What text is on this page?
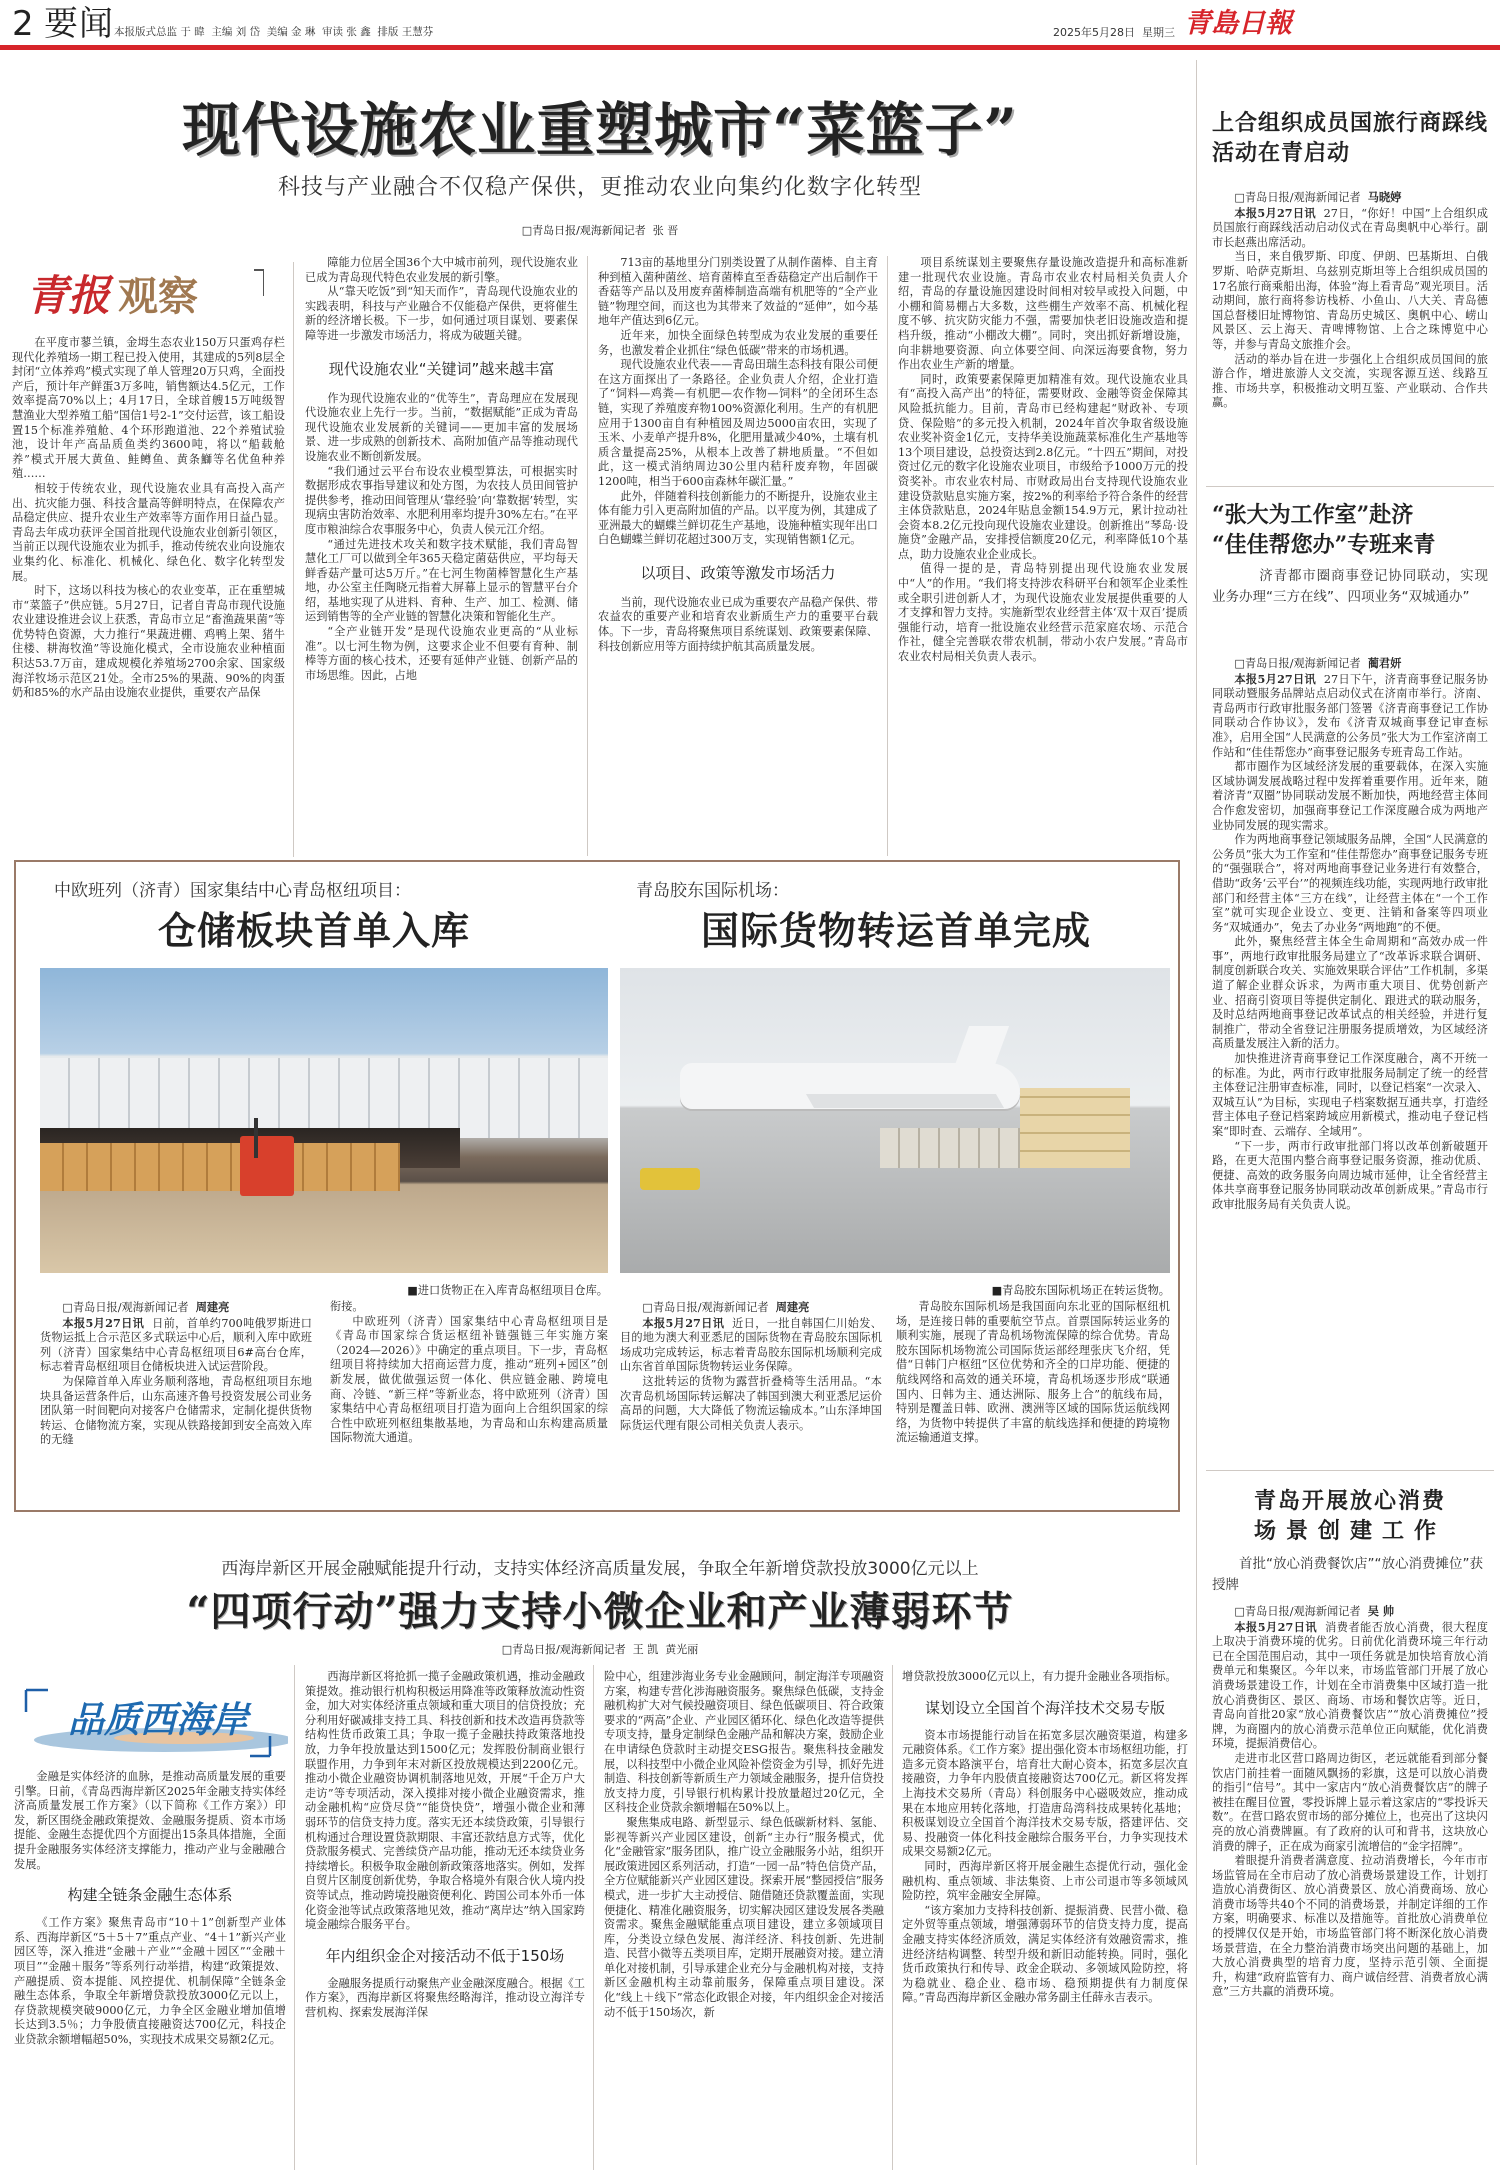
2 要闻 本报版式总监 于 暐  主编 刘 岱  美编 金 琳  审读 张 鑫  排版 王慧芬	2025年5月28日  星期三 青島日報
现代设施农业重塑城市“菜篮子”
科技与产业融合不仅稳产保供，更推动农业向集约化数字化转型
□青岛日报/观海新闻记者  张 晋
青报 观察

在平度市蓼兰镇，金坶生态农业150万只蛋鸡存栏现代化养殖场一期工程已投入使用，其建成的5列8层全封闭“立体养鸡”模式实现了单人管理20万只鸡，全面投产后，预计年产鲜蛋3万多吨，销售额达4.5亿元，工作效率提高70%以上；4月17日，全球首艘15万吨级智慧渔业大型养殖工船“国信1号2-1”交付运营，该工船设置15个标准养殖舱、4个环形跑道池、22个养殖试验池，设计年产高品质鱼类约3600吨，将以“船载舱养”模式开展大黄鱼、鲑鳟鱼、黄条鰤等名优鱼种养殖……

相较于传统农业，现代设施农业具有高投入高产出、抗灾能力强、科技含量高等鲜明特点，在保障农产品稳定供应、提升农业生产效率等方面作用日益凸显。青岛去年成功获评全国首批现代设施农业创新引领区，当前正以现代设施农业为抓手，推动传统农业向设施农业集约化、标准化、机械化、绿色化、数字化转型发展。

时下，这场以科技为核心的农业变革，正在重塑城市“菜篮子”供应链。5月27日，记者自青岛市现代设施农业建设推进会议上获悉，青岛市立足“畜渔蔬果菌”等优势特色资源，大力推行“果蔬进棚、鸡鸭上架、猪牛住楼、耕海牧渔”等设施化模式，全市设施农业种植面积达53.7万亩，建成规模化养殖场2700余家、国家级海洋牧场示范区21处。全市25%的果蔬、90%的肉蛋奶和85%的水产品由设施农业提供，重要农产品保

障能力位居全国36个大中城市前列，现代设施农业已成为青岛现代特色农业发展的新引擎。

从“靠天吃饭”到“知天而作”，青岛现代设施农业的实践表明，科技与产业融合不仅能稳产保供，更将催生新的经济增长极。下一步，如何通过项目谋划、要素保障等进一步激发市场活力，将成为破题关键。

现代设施农业“关键词”越来越丰富

作为现代设施农业的“优等生”，青岛理应在发展现代设施农业上先行一步。当前，“数据赋能”正成为青岛现代设施农业发展新的关键词——更加丰富的发展场景、进一步成熟的创新技术、高附加值产品等推动现代设施农业不断创新发展。

“我们通过云平台布设农业模型算法，可根据实时数据形成农事指导建议和处方图，为农技人员田间管护提供参考，推动田间管理从‘靠经验’向‘靠数据’转型，实现病虫害防治效率、水肥利用率均提升30%左右。”在平度市粮油综合农事服务中心，负责人侯元江介绍。

“通过先进技术攻关和数字技术赋能，我们青岛智慧化工厂可以做到全年365天稳定菌菇供应，平均每天鲜香菇产量可达5万斤。”在七河生物菌棒智慧化生产基地，办公室主任陶晓元指着大屏幕上显示的智慧平台介绍，基地实现了从进料、育种、生产、加工、检测、储运到销售等的全产业链的智慧化决策和智能化生产。

“全产业链开发”是现代设施农业更高的“从业标准”。以七河生物为例，这要求企业不但要有育种、制棒等方面的核心技术，还要有延伸产业链、创新产品的市场思维。因此，占地

713亩的基地里分门别类设置了从制作菌棒、自主育种到植入菌种菌丝、培育菌棒直至香菇稳定产出后制作干香菇等产品以及用废弃菌棒制造高端有机肥等的“全产业链”物理空间，而这也为其带来了效益的“延伸”，如今基地年产值达到6亿元。

近年来，加快全面绿色转型成为农业发展的重要任务，也激发着企业抓住“绿色低碳”带来的市场机遇。

现代设施农业代表——青岛田瑞生态科技有限公司便在这方面探出了一条路径。企业负责人介绍，企业打造了“饲料—鸡粪—有机肥—农作物—饲料”的全闭环生态链，实现了养殖废弃物100%资源化利用。生产的有机肥应用于1300亩自有种植园及周边5000亩农田，实现了玉米、小麦单产提升8%，化肥用量减少40%，土壤有机质含量提高25%，从根本上改善了耕地质量。“不但如此，这一模式消纳周边30公里内秸秆废弃物，年固碳1200吨，相当于600亩森林年碳汇量。”

此外，伴随着科技创新能力的不断提升，设施农业主体有能力引入更高附加值的产品。以平度为例，其建成了亚洲最大的蝴蝶兰鲜切花生产基地，设施种植实现年出口白色蝴蝶兰鲜切花超过300万支，实现销售额1亿元。

以项目、政策等激发市场活力

当前，现代设施农业已成为重要农产品稳产保供、带农益农的重要产业和培育农业新质生产力的重要平台载体。下一步，青岛将聚焦项目系统谋划、政策要素保障、科技创新应用等方面持续护航其高质量发展。

项目系统谋划主要聚焦存量设施改造提升和高标准新建一批现代农业设施。青岛市农业农村局相关负责人介绍，青岛的存量设施因建设时间相对较早或投入问题，中小棚和简易棚占大多数，这些棚生产效率不高、机械化程度不够、抗灾防灾能力不强，需要加快老旧设施改造和提档升级，推动“小棚改大棚”。同时，突出抓好新增设施，向非耕地要资源、向立体要空间、向深远海要食物，努力作出农业生产新的增量。

同时，政策要素保障更加精准有效。现代设施农业具有“高投入高产出”的特征，需要财政、金融等资金保障其风险抵抗能力。目前，青岛市已经构建起“财政补、专项贷、保险赔”的多元投入机制，2024年首次争取省级设施农业奖补资金1亿元，支持华美设施蔬菜标准化生产基地等13个项目建设，总投资达到2.8亿元。“十四五”期间，对投资过亿元的数字化设施农业项目，市级给予1000万元的投资奖补。市农业农村局、市财政局出台支持现代设施农业建设贷款贴息实施方案，按2%的利率给予符合条件的经营主体贷款贴息，2024年贴息金额154.9万元，累计拉动社会资本8.2亿元投向现代设施农业建设。创新推出“琴岛·设施贷”金融产品，安排授信额度20亿元，利率降低10个基点，助力设施农业企业成长。

值得一提的是，青岛特别提出现代设施农业发展中“人”的作用。“我们将支持涉农科研平台和领军企业柔性或全职引进创新人才，为现代设施农业发展提供重要的人才支撑和智力支持。实施新型农业经营主体‘双十双百’提质强能行动，培育一批设施农业经营示范家庭农场、示范合作社，健全完善联农带农机制，带动小农户发展。”青岛市农业农村局相关负责人表示。

中欧班列（济青）国家集结中心青岛枢纽项目：
仓储板块首单入库
■进口货物正在入库青岛枢纽项目仓库。

□青岛日报/观海新闻记者 周建亮

本报5月27日讯 日前，首单约700吨俄罗斯进口货物运抵上合示范区多式联运中心后，顺利入库中欧班列（济青）国家集结中心青岛枢纽项目6#高台仓库，标志着青岛枢纽项目仓储板块进入试运营阶段。

为保障首单入库业务顺利落地，青岛枢纽项目东地块具备运营条件后，山东高速齐鲁号投资发展公司业务团队第一时间靶向对接客户仓储需求，定制化提供货物转运、仓储物流方案，实现从铁路接卸到安全高效入库的无缝

衔接。

中欧班列（济青）国家集结中心青岛枢纽项目是《青岛市国家综合货运枢纽补链强链三年实施方案（2024—2026）》中确定的重点项目。下一步，青岛枢纽项目将持续加大招商运营力度，推动“班列+园区”创新发展，做优做强运贸一体化、供应链金融、跨境电商、冷链、“新三样”等新业态，将中欧班列（济青）国家集结中心青岛枢纽项目打造为面向上合组织国家的综合性中欧班列枢纽集散基地，为青岛和山东构建高质量国际物流大通道。

青岛胶东国际机场：
国际货物转运首单完成
■青岛胶东国际机场正在转运货物。

□青岛日报/观海新闻记者 周建亮

本报5月27日讯 近日，一批自韩国仁川始发、目的地为澳大利亚悉尼的国际货物在青岛胶东国际机场成功完成转运，标志着青岛胶东国际机场顺利完成山东省首单国际货物转运业务保障。

这批转运的货物为露营折叠椅等生活用品。“本次青岛机场国际转运解决了韩国到澳大利亚悉尼运价高昂的问题，大大降低了物流运输成本。”山东泽坤国际货运代理有限公司相关负责人表示。

青岛胶东国际机场是我国面向东北亚的国际枢纽机场，是连接日韩的重要航空节点。首票国际转运业务的顺利实施，展现了青岛机场物流保障的综合优势。青岛胶东国际机场物流公司国际货运部经理张庆飞介绍，凭借“日韩门户枢纽”区位优势和齐全的口岸功能、便捷的航线网络和高效的通关环境，青岛机场逐步形成“联通国内、日韩为主、通达洲际、服务上合”的航线布局，特别是覆盖日韩、欧洲、澳洲等区域的国际货运航线网络，为货物中转提供了丰富的航线选择和便捷的跨境物流运输通道支撑。

西海岸新区开展金融赋能提升行动，支持实体经济高质量发展，争取全年新增贷款投放3000亿元以上
“四项行动”强力支持小微企业和产业薄弱环节
□青岛日报/观海新闻记者  王 凯  黄光丽
品质西海岸

金融是实体经济的血脉，是推动高质量发展的重要引擎。日前，《青岛西海岸新区2025年金融支持实体经济高质量发展工作方案》（以下简称《工作方案》）印发，新区围绕金融政策提效、金融服务提质、资本市场提能、金融生态提优四个方面提出15条具体措施，全面提升金融服务实体经济支撑能力，推动产业与金融融合发展。

构建全链条金融生态体系

《工作方案》聚焦青岛市“10＋1”创新型产业体系、西海岸新区“5＋5＋7”重点产业、“4＋1”新兴产业园区等，深入推进“金融＋产业”“金融＋园区”“金融＋项目”“金融＋服务”等系列行动举措，构建“政策提效、产融提质、资本提能、风控提优、机制保障”全链条金融生态体系，争取全年新增贷款投放3000亿元以上，存贷款规模突破9000亿元，力争全区金融业增加值增长达到3.5％；力争股债直接融资达700亿元，科技企业贷款余额增幅超50%，实现技术成果交易额2亿元。

西海岸新区将抢抓一揽子金融政策机遇，推动金融政策提效。推动银行机构积极运用降准等政策释放流动性资金，加大对实体经济重点领域和重大项目的信贷投放；充分利用好碳减排支持工具、科技创新和技术改造再贷款等结构性货币政策工具；争取一揽子金融扶持政策落地投放，力争年投放量达到1500亿元；发挥股份制商业银行联盟作用，力争到年末对新区投放规模达到2200亿元。推动小微企业融资协调机制落地见效，开展“千企万户大走访”等专项活动，深入摸排对接小微企业融资需求，推动金融机构“应贷尽贷”“能贷快贷”，增强小微企业和薄弱环节的信贷支持力度。落实无还本续贷政策，引导银行机构通过合理设置贷款期限、丰富还款结息方式等，优化贷款服务模式、完善续贷产品功能，推动无还本续贷业务持续增长。积极争取金融创新政策落地落实。例如，发挥自贸片区制度创新优势，争取合格境外有限合伙人境内投资等试点，推动跨境投融资便利化、跨国公司本外币一体化资金池等试点政策落地见效，推动“离岸达”纳入国家跨境金融综合服务平台。

年内组织金企对接活动不低于150场

金融服务提质行动聚焦产业金融深度融合。根据《工作方案》，西海岸新区将聚焦经略海洋，推动设立海洋专营机构、探索发展海洋保

险中心，组建涉海业务专业金融顾问，制定海洋专项融资方案，构建专营化涉海融资服务。聚焦绿色低碳，支持金融机构扩大对气候投融资项目、绿色低碳项目、符合政策要求的“两高”企业、产业园区循环化、绿色化改造等提供专项支持，量身定制绿色金融产品和解决方案，鼓励企业在申请绿色贷款时主动提交ESG报告。聚焦科技金融发展，以科技型中小微企业风险补偿资金为引导，抓好先进制造、科技创新等新质生产力领域金融服务，提升信贷投放支持力度，引导银行机构累计投放量超过20亿元，全区科技企业贷款余额增幅在50%以上。

聚焦集成电路、新型显示、绿色低碳新材料、氢能、影视等新兴产业园区建设，创新“主办行”服务模式，优化“金融管家”服务团队，推广设立金融服务小站，组织开展政策进园区系列活动，打造“一园一品”特色信贷产品，全方位赋能新兴产业园区建设。探索开展“整园授信”服务模式，进一步扩大主动授信、随借随还贷款覆盖面，实现便捷化、精准化融资服务，切实解决园区建设发展各类融资需求。聚焦金融赋能重点项目建设，建立多领域项目库，分类设立绿色发展、海洋经济、科技创新、先进制造、民营小微等五类项目库，定期开展融资对接。建立清单化对接机制，引导承建企业充分与金融机构对接，支持新区金融机构主动靠前服务，保障重点项目建设。深化“线上＋线下”常态化政银企对接，年内组织金企对接活动不低于150场次，新

增贷款投放3000亿元以上，有力提升金融业各项指标。

谋划设立全国首个海洋技术交易专版

资本市场提能行动旨在拓宽多层次融资渠道，构建多元融资体系。《工作方案》提出强化资本市场枢纽功能，打造多元资本路演平台，培育壮大耐心资本，拓宽多层次直接融资，力争年内股债直接融资达700亿元。新区将发挥上海技术交易所（青岛）科创服务中心磁吸效应，推动成果在本地应用转化落地，打造唐岛湾科技成果转化基地；积极谋划设立全国首个海洋技术交易专版，搭建评估、交易、投融资一体化科技金融综合服务平台，力争实现技术成果交易额2亿元。

同时，西海岸新区将开展金融生态提优行动，强化金融机构、重点领域、非法集资、上市公司退市等多领域风险防控，筑牢金融安全屏障。

“该方案加力支持科技创新、提振消费、民营小微、稳定外贸等重点领域，增强薄弱环节的信贷支持力度，提高金融支持实体经济质效，满足实体经济有效融资需求，推进经济结构调整、转型升级和新旧动能转换。同时，强化货币政策执行和传导、政金企联动、多领域风险防控，将为稳就业、稳企业、稳市场、稳预期提供有力制度保障。”青岛西海岸新区金融办常务副主任薛永吉表示。

上合组织成员国旅行商踩线活动在青启动

□青岛日报/观海新闻记者 马晓婷

本报5月27日讯 27日，“你好！中国”上合组织成员国旅行商踩线活动启动仪式在青岛奥帆中心举行。副市长赵燕出席活动。

当日，来自俄罗斯、印度、伊朗、巴基斯坦、白俄罗斯、哈萨克斯坦、乌兹别克斯坦等上合组织成员国的17名旅行商乘船出海，体验“海上看青岛”观光项目。活动期间，旅行商将参访栈桥、小鱼山、八大关、青岛德国总督楼旧址博物馆、青岛历史城区、奥帆中心、崂山风景区、云上海天、青啤博物馆、上合之珠博览中心等，并参与青岛文旅推介会。

活动的举办旨在进一步强化上合组织成员国间的旅游合作，增进旅游人文交流，实现客源互送、线路互推、市场共享，积极推动文明互鉴、产业联动、合作共赢。

“张大为工作室”赴济
“佳佳帮您办”专班来青
济青都市圈商事登记协同联动，实现业务办理“三方在线”、四项业务“双城通办”

□青岛日报/观海新闻记者 蔺君妍

本报5月27日讯 27日下午，济青商事登记服务协同联动暨服务品牌站点启动仪式在济南市举行。济南、青岛两市行政审批服务部门签署《济青商事登记工作协同联动合作协议》，发布《济青双城商事登记审查标准》，启用全国“人民满意的公务员”张大为工作室济南工作站和“佳佳帮您办”商事登记服务专班青岛工作站。

都市圈作为区域经济发展的重要载体，在深入实施区域协调发展战略过程中发挥着重要作用。近年来，随着济青“双圈”协同联动发展不断加快，两地经营主体间合作愈发密切，加强商事登记工作深度融合成为两地产业协同发展的现实需求。

作为两地商事登记领域服务品牌，全国“人民满意的公务员”张大为工作室和“佳佳帮您办”商事登记服务专班的“强强联合”，将对两地商事登记业务进行有效整合，借助“政务‘云平台’”的视频连线功能，实现两地行政审批部门和经营主体“三方在线”，让经营主体在“一个工作室”就可实现企业设立、变更、注销和备案等四项业务“双城通办”，免去了办业务“两地跑”的不便。

此外，聚焦经营主体全生命周期和“高效办成一件事”，两地行政审批服务局建立了“改革诉求联合调研、制度创新联合攻关、实施效果联合评估”工作机制，多渠道了解企业群众诉求，为两市重大项目、优势创新产业、招商引资项目等提供定制化、跟进式的联动服务，及时总结两地商事登记改革试点的相关经验，并进行复制推广，带动全省登记注册服务提质增效，为区域经济高质量发展注入新的活力。

加快推进济青商事登记工作深度融合，离不开统一的标准。为此，两市行政审批服务局制定了统一的经营主体登记注册审查标准，同时，以登记档案“一次录入、双城互认”为目标，实现电子档案数据互通共享，打造经营主体电子登记档案跨域应用新模式，推动电子登记档案“即时查、云端存、全域用”。

“下一步，两市行政审批部门将以改革创新破题开路，在更大范围内整合商事登记服务资源，推动优质、便捷、高效的政务服务向周边城市延伸，让全省经营主体共享商事登记服务协同联动改革创新成果。”青岛市行政审批服务局有关负责人说。

青岛开展放心消费
场景创建工作
首批“放心消费餐饮店”“放心消费摊位”获授牌

□青岛日报/观海新闻记者 吴 帅

本报5月27日讯 消费者能否放心消费，很大程度上取决于消费环境的优劣。日前优化消费环境三年行动已在全国范围启动，其中一项任务就是加快培育放心消费单元和集聚区。今年以来，市场监管部门开展了放心消费场景建设工作，计划在全市消费集中区域打造一批放心消费街区、景区、商场、市场和餐饮店等。近日，青岛向首批20家“放心消费餐饮店”“放心消费摊位”授牌，为商圈内的放心消费示范单位正向赋能，优化消费环境，提振消费信心。

走进市北区营口路周边街区，老远就能看到部分餐饮店门前挂着一面随风飘扬的彩旗，这是可以放心消费的指引“信号”。其中一家店内“放心消费餐饮店”的牌子被挂在醒目位置，零投诉牌上显示着这家店的“零投诉天数”。在营口路农贸市场的部分摊位上，也亮出了这块闪亮的放心消费牌匾。有了政府的认可和背书，这块放心消费的牌子，正在成为商家引流增信的“金字招牌”。

着眼提升消费者满意度、拉动消费增长，今年市市场监管局在全市启动了放心消费场景建设工作，计划打造放心消费街区、放心消费景区、放心消费商场、放心消费市场等共40个不同的消费场景，并制定详细的工作方案，明确要求、标准以及措施等。首批放心消费单位的授牌仅仅是开始，市场监管部门将不断深化放心消费场景营造，在全力整治消费市场突出问题的基础上，加大放心消费典型的培育力度，坚持示范引领、全面提升，构建“政府监管有力、商户诚信经营、消费者放心满意”三方共赢的消费环境。
